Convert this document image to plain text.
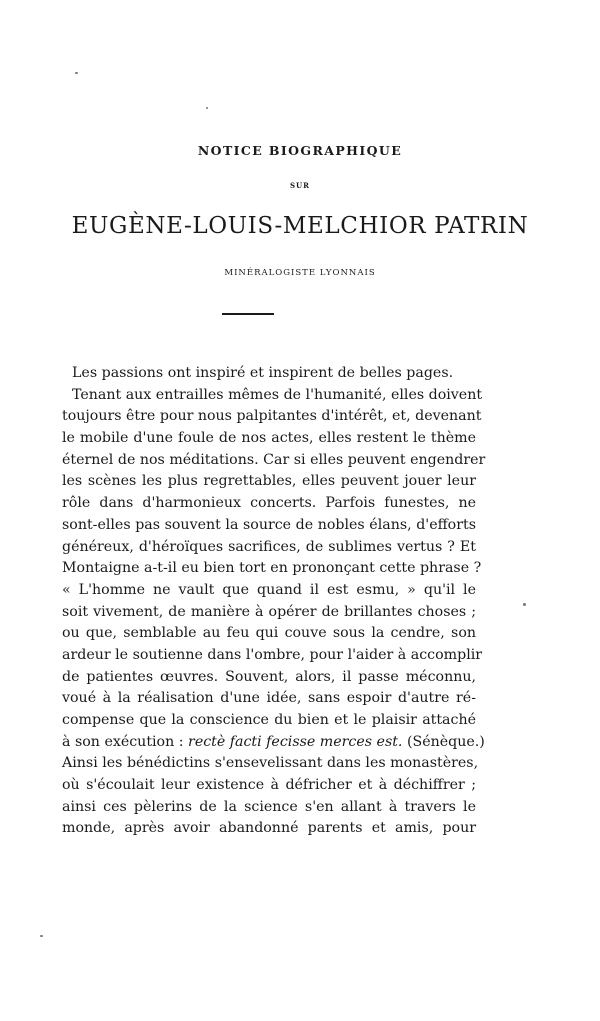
NOTICE BIOGRAPHIQUE

SUR

EUGÈNE-LOUIS-MELCHIOR PATRIN

MINÉRALOGISTE LYONNAIS

Les passions ont inspiré et inspirent de belles pages.
Tenant aux entrailles mêmes de l'humanité, elles doivent
toujours être pour nous palpitantes d'intérêt, et, devenant
le mobile d'une foule de nos actes, elles restent le thème
éternel de nos méditations. Car si elles peuvent engendrer
les scènes les plus regrettables, elles peuvent jouer leur
rôle dans d'harmonieux concerts. Parfois funestes, ne
sont-elles pas souvent la source de nobles élans, d'efforts
généreux, d'héroïques sacrifices, de sublimes vertus ? Et
Montaigne a-t-il eu bien tort en prononçant cette phrase ?
« L'homme ne vault que quand il est esmu, » qu'il le
soit vivement, de manière à opérer de brillantes choses ;
ou que, semblable au feu qui couve sous la cendre, son
ardeur le soutienne dans l'ombre, pour l'aider à accomplir
de patientes œuvres. Souvent, alors, il passe méconnu,
voué à la réalisation d'une idée, sans espoir d'autre ré-
compense que la conscience du bien et le plaisir attaché
à son exécution : rectè facti fecisse merces est. (Sénèque.)
Ainsi les bénédictins s'ensevelissant dans les monastères,
où s'écoulait leur existence à défricher et à déchiffrer ;
ainsi ces pèlerins de la science s'en allant à travers le
monde, après avoir abandonné parents et amis, pour
